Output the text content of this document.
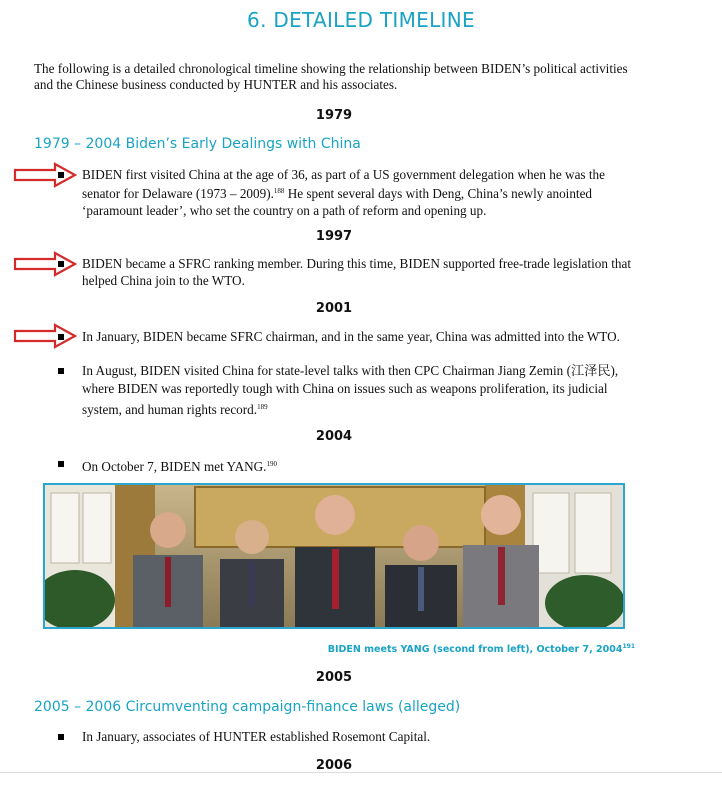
6. DETAILED TIMELINE
The following is a detailed chronological timeline showing the relationship between BIDEN’s political activities and the Chinese business conducted by HUNTER and his associates.
1979
1979 – 2004 Biden’s Early Dealings with China
BIDEN first visited China at the age of 36, as part of a US government delegation when he was the senator for Delaware (1973 – 2009).$^{188}$ He spent several days with Deng, China’s newly anointed ‘paramount leader’, who set the country on a path of reform and opening up.
1997
BIDEN became a SFRC ranking member. During this time, BIDEN supported free-trade legislation that helped China join to the WTO.
2001
In January, BIDEN became SFRC chairman, and in the same year, China was admitted into the WTO.
In August, BIDEN visited China for state-level talks with then CPC Chairman Jiang Zemin (江泽民), where BIDEN was reportedly tough with China on issues such as weapons proliferation, its judicial system, and human rights record.$^{189}$
2004
On October 7, BIDEN met YANG.$^{190}$
BIDEN meets YANG (second from left), October 7, 2004$^{191}$
2005
2005 – 2006 Circumventing campaign-finance laws (alleged)
In January, associates of HUNTER established Rosemont Capital.
2006
